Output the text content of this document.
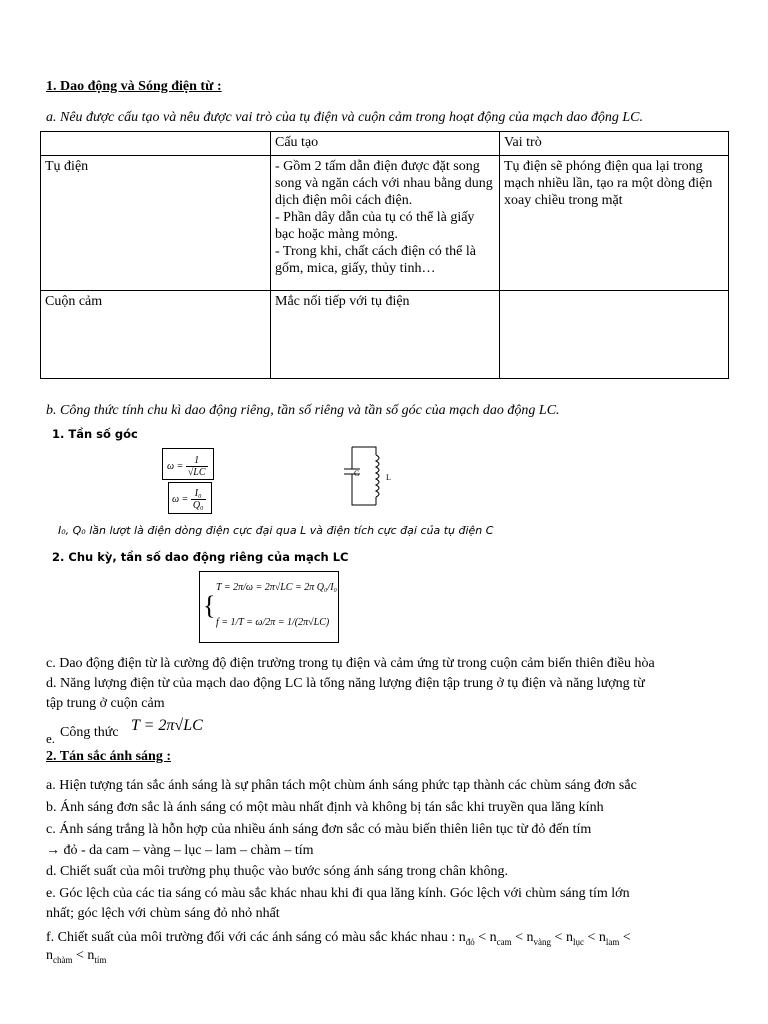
1. Dao động và Sóng điện từ :
a. Nêu được cấu tạo và nêu được vai trò của tụ điện và cuộn cảm trong hoạt động của mạch dao động LC.
	Cấu tạo	Vai trò
Tụ điện	- Gồm 2 tấm dẫn điện được đặt song song và ngăn cách với nhau bằng dung dịch điện môi cách điện.
- Phần dây dẫn của tụ có thể là giấy bạc hoặc màng mỏng.
- Trong khi, chất cách điện có thể là gốm, mica, giấy, thủy tinh…	Tụ điện sẽ phóng điện qua lại trong mạch nhiều lần, tạo ra một dòng điện xoay chiều trong mặt
Cuộn cảm	Mắc nối tiếp với tụ điện	

b. Công thức tính chu kì dao động riêng, tần số riêng và tần số góc của mạch dao động LC.
1. Tần số góc
$\omega = \frac{1}{√LC}$
$\omega = \frac{\text{I₀}}{\text{Q₀}}$
C	L
I₀, Q₀ lần lượt là điện dòng điện cực đại qua L và điện tích cực đại của tụ điện C
2. Chu kỳ, tần số dao động riêng của mạch LC
{
T = 2π/ω = 2π√LC = 2π Q₀/I₀
f = 1/T = ω/2π = 1/(2π√LC)
c. Dao động điện từ là cường độ điện trường trong tụ điện và cảm ứng từ trong cuộn cảm biến thiên điều hòa
d. Năng lượng điện từ của mạch dao động LC là tổng năng lượng điện tập trung ở tụ điện và năng lượng từ
tập trung ở cuộn cảm
e. Công thức T = 2π√LC
2. Tán sắc ánh sáng :
a. Hiện tượng tán sắc ánh sáng là sự phân tách một chùm ánh sáng phức tạp thành các chùm sáng đơn sắc
b. Ánh sáng đơn sắc là ánh sáng có một màu nhất định và không bị tán sắc khi truyền qua lăng kính
c. Ánh sáng trắng là hỗn hợp của nhiều ánh sáng đơn sắc có màu biến thiên liên tục từ đỏ đến tím
→ đỏ - da cam – vàng – lục – lam – chàm – tím
d. Chiết suất của môi trường phụ thuộc vào bước sóng ánh sáng trong chân không.
e. Góc lệch của các tia sáng có màu sắc khác nhau khi đi qua lăng kính. Góc lệch với chùm sáng tím lớn
nhất; góc lệch với chùm sáng đỏ nhỏ nhất
f. Chiết suất của môi trường đối với các ánh sáng có màu sắc khác nhau : $n_{đỏ} < n_{cam} < n_{vàng} < n_{lục} < n_{lam}$ <
$n_{chàm} < n_{tím}$
